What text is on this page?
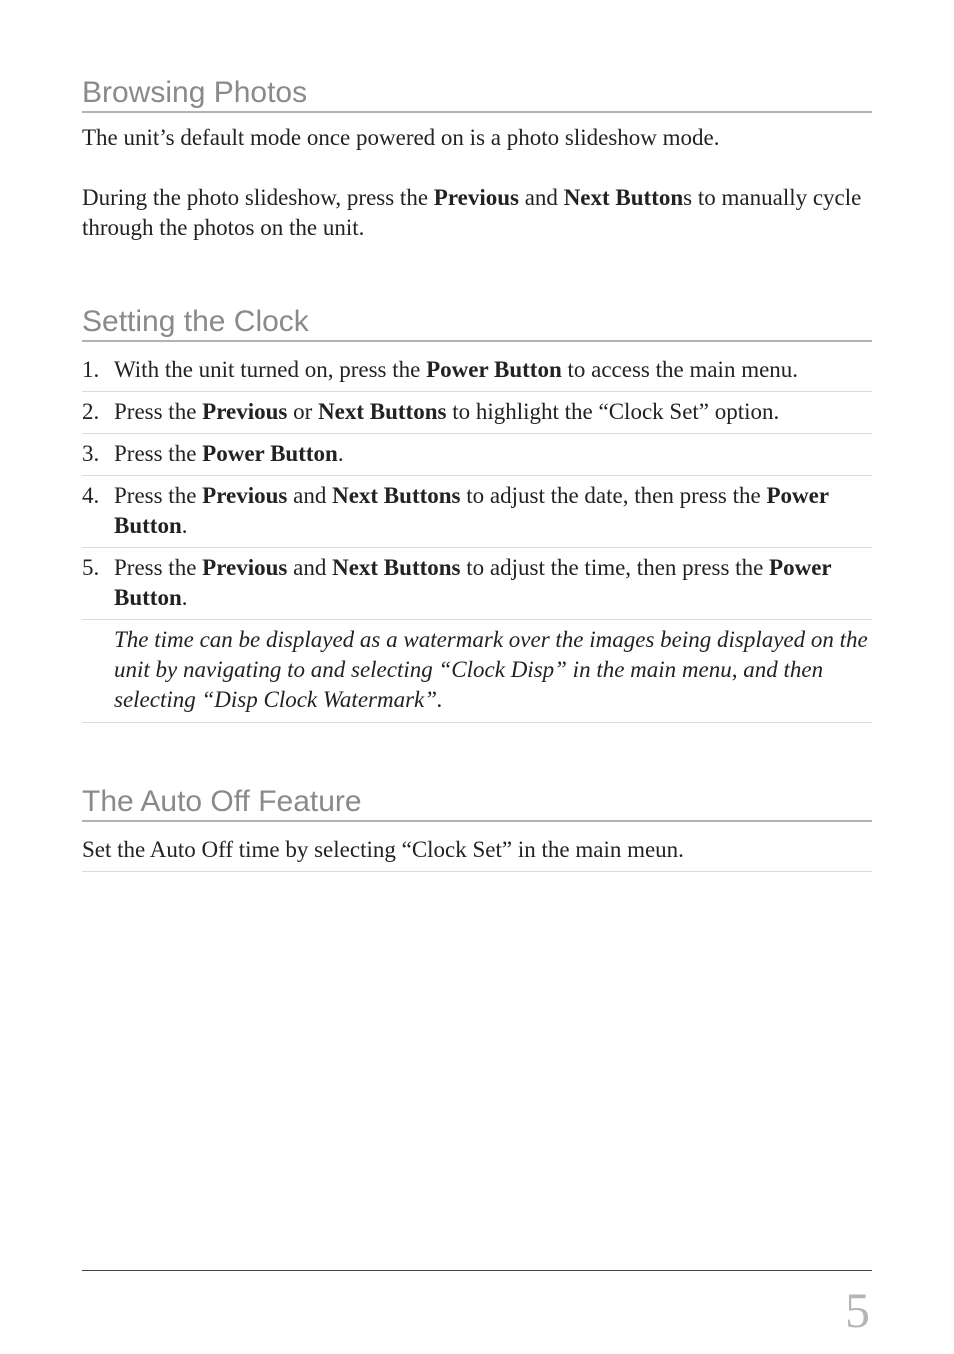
Browsing Photos

The unit’s default mode once powered on is a photo slideshow mode.

During the photo slideshow, press the Previous and Next Buttons to manually cycle through the photos on the unit.

Setting the Clock
1. With the unit turned on, press the Power Button to access the main menu.
2. Press the Previous or Next Buttons to highlight the “Clock Set” option.
3. Press the Power Button.
4. Press the Previous and Next Buttons to adjust the date, then press the Power Button.
5. Press the Previous and Next Buttons to adjust the time, then press the Power Button.
The time can be displayed as a watermark over the images being displayed on the unit by navigating to and selecting “Clock Disp” in the main menu, and then selecting “Disp Clock Watermark”.
The Auto Off Feature
Set the Auto Off time by selecting “Clock Set” in the main meun.
5
